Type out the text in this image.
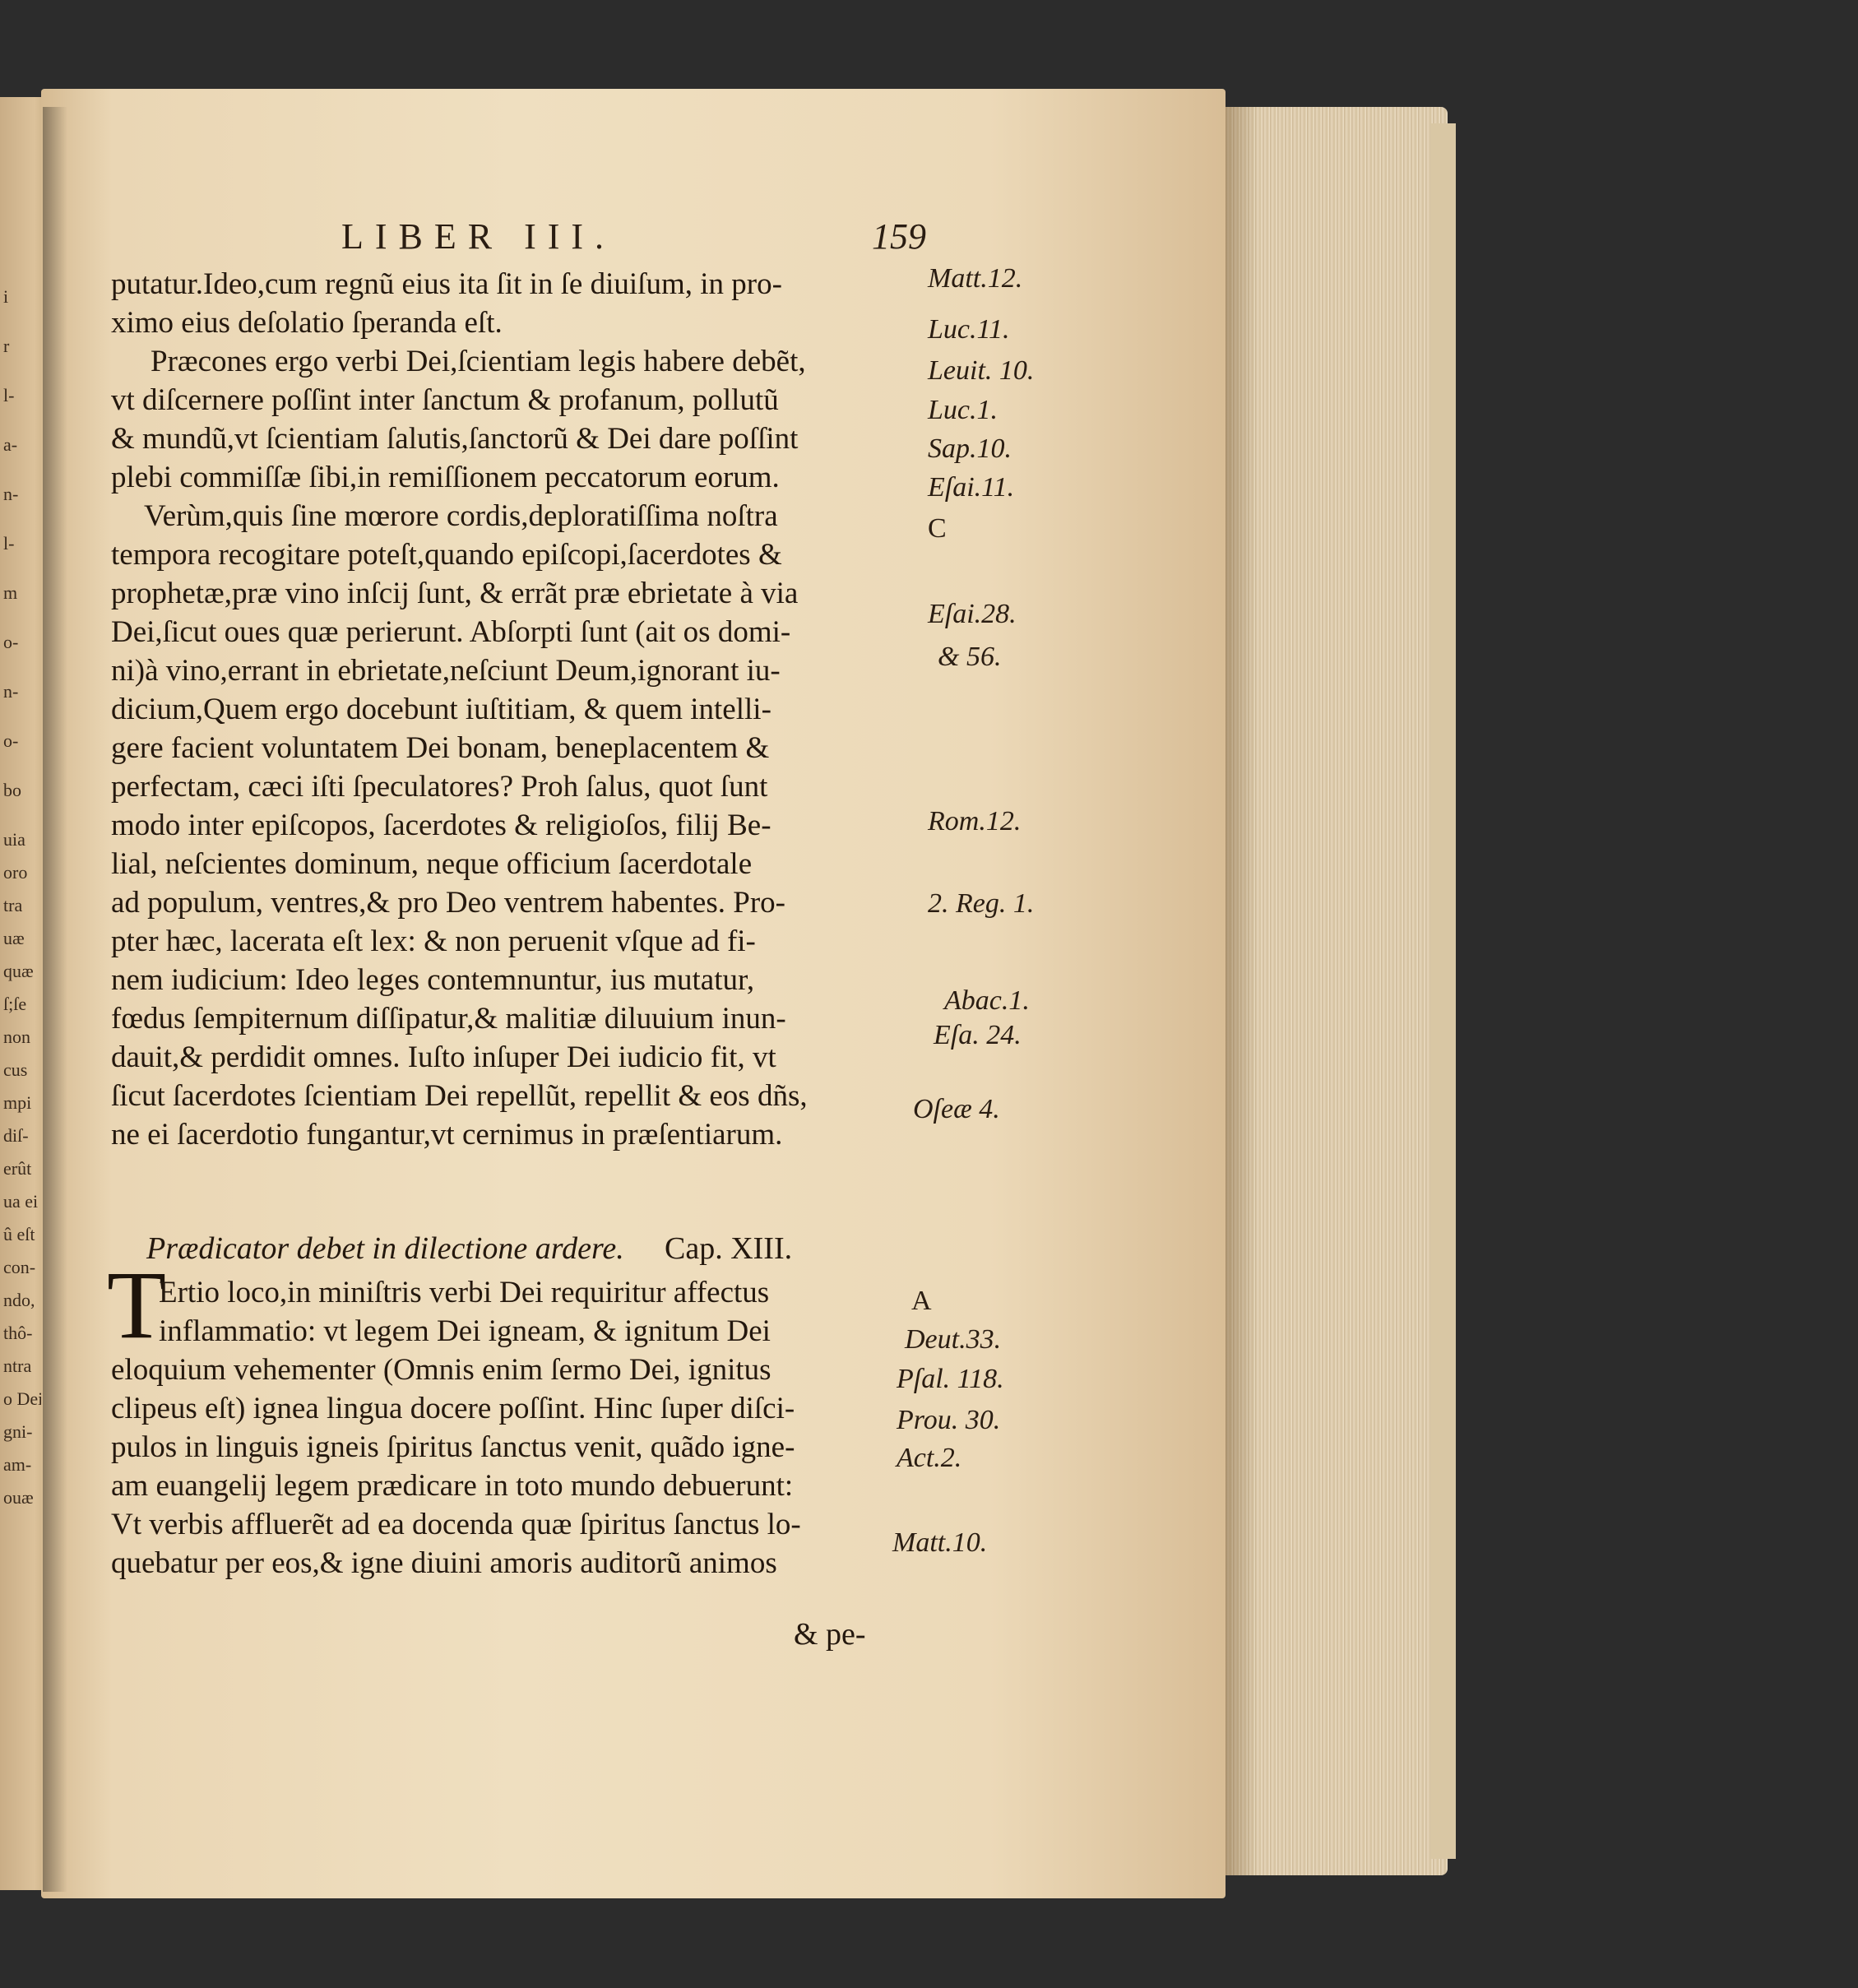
i
r
l-
a-
n-
l-
m
o-
n-
o-
bo
uia
oro
tra
uæ
quæ
ſ;ſe
non
cus
mpi
diſ-
erût
ua ei
û eſt
con-
ndo,
thô-
ntra
o Dei
gni-
am-
ouæ
LIBER III.	159
putatur.Ideo,cum regnũ eius ita ſit in ſe diuiſum, in pro-
ximo eius deſolatio ſperanda eſt.
Præcones ergo verbi Dei,ſcientiam legis habere debẽt,
vt diſcernere poſſint inter ſanctum & profanum, pollutũ
& mundũ,vt ſcientiam ſalutis,ſanctorũ & Dei dare poſſint
plebi commiſſæ ſibi,in remiſſionem peccatorum eorum.
Verùm,quis ſine mœrore cordis,deploratiſſima noſtra
tempora recogitare poteſt,quando epiſcopi,ſacerdotes &
prophetæ,præ vino inſcij ſunt, & errãt præ ebrietate à via
Dei,ſicut oues quæ perierunt. Abſorpti ſunt (ait os domi-
ni)à vino,errant in ebrietate,neſciunt Deum,ignorant iu-
dicium,Quem ergo docebunt iuſtitiam, & quem intelli-
gere facient voluntatem Dei bonam, beneplacentem &
perfectam, cæci iſti ſpeculatores? Proh ſalus, quot ſunt
modo inter epiſcopos, ſacerdotes & religioſos, filij Be-
lial, neſcientes dominum, neque officium ſacerdotale
ad populum, ventres,& pro Deo ventrem habentes. Pro-
pter hæc, lacerata eſt lex: & non peruenit vſque ad fi-
nem iudicium: Ideo leges contemnuntur, ius mutatur,
fœdus ſempiternum diſſipatur,& malitiæ diluuium inun-
dauit,& perdidit omnes. Iuſto inſuper Dei iudicio fit, vt
ſicut ſacerdotes ſcientiam Dei repellũt, repellit & eos dñs,
ne ei ſacerdotio fungantur,vt cernimus in præſentiarum.
Prædicator debet in dilectione ardere. Cap. XIII.
T
Ertio loco,in miniſtris verbi Dei requiritur affectus
inflammatio: vt legem Dei igneam, & ignitum Dei
eloquium vehementer (Omnis enim ſermo Dei, ignitus
clipeus eſt) ignea lingua docere poſſint. Hinc ſuper diſci-
pulos in linguis igneis ſpiritus ſanctus venit, quãdo igne-
am euangelij legem prædicare in toto mundo debuerunt:
Vt verbis affluerẽt ad ea docenda quæ ſpiritus ſanctus lo-
quebatur per eos,& igne diuini amoris auditorũ animos
& pe-
Matt.12.
Luc.11.
Leuit. 10.
Luc.1.
Sap.10.
Eſai.11.
C
Eſai.28.
& 56.
Rom.12.
2. Reg. 1.
Abac.1.
Eſa. 24.
Oſeæ 4.
A
Deut.33.
Pſal. 118.
Prou. 30.
Act.2.
Matt.10.
